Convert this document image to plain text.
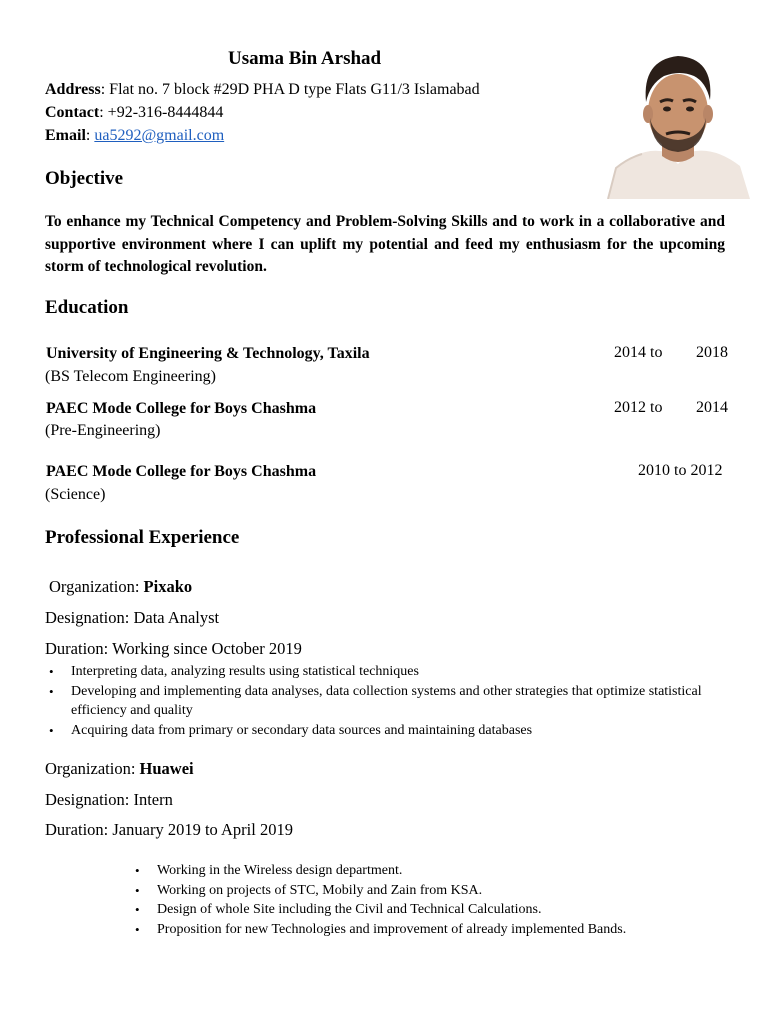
Usama Bin Arshad
Address: Flat no. 7 block #29D PHA D type Flats G11/3 Islamabad
Contact: +92-316-8444844
Email: ua5292@gmail.com
Objective
To enhance my Technical Competency and Problem-Solving Skills and to work in a collaborative and supportive environment where I can uplift my potential and feed my enthusiasm for the upcoming storm of technological revolution.
Education
University of Engineering & Technology, Taxila	2014 to 2018
(BS Telecom Engineering)
PAEC Mode College for Boys Chashma	2012 to 2014
(Pre-Engineering)
PAEC Mode College for Boys Chashma	2010 to 2012
(Science)
Professional Experience
Organization: Pixako
Designation: Data Analyst
Duration: Working since October 2019
• Interpreting data, analyzing results using statistical techniques
• Developing and implementing data analyses, data collection systems and other strategies that optimize statistical efficiency and quality
• Acquiring data from primary or secondary data sources and maintaining databases
Organization: Huawei
Designation: Intern
Duration: January 2019 to April 2019
• Working in the Wireless design department.
• Working on projects of STC, Mobily and Zain from KSA.
• Design of whole Site including the Civil and Technical Calculations.
• Proposition for new Technologies and improvement of already implemented Bands.
